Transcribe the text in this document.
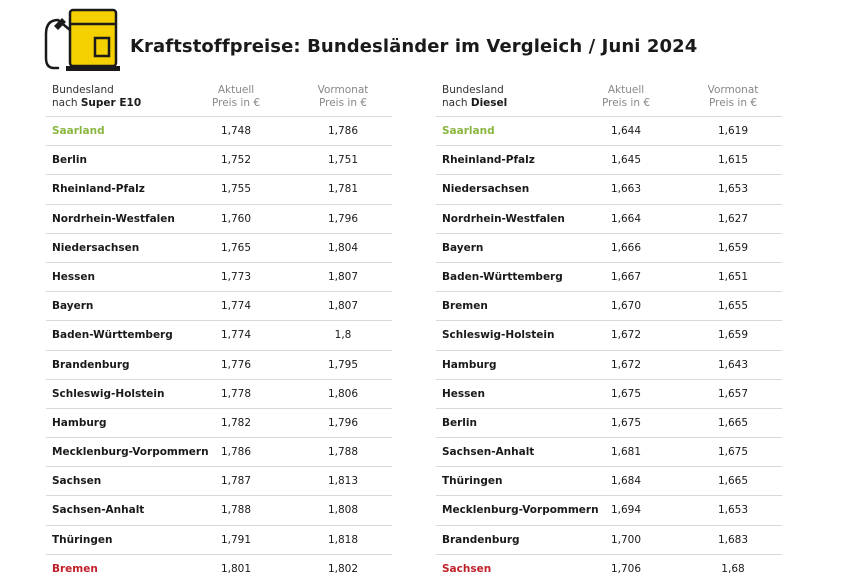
Kraftstoffpreise: Bundesländer im Vergleich / Juni 2024
Bundesland
nach Super E10
Aktuell
Preis in €
Vormonat
Preis in €
Saarland	1,748	1,786
Berlin	1,752	1,751
Rheinland-Pfalz	1,755	1,781
Nordrhein-Westfalen	1,760	1,796
Niedersachsen	1,765	1,804
Hessen	1,773	1,807
Bayern	1,774	1,807
Baden-Württemberg	1,774	1,8
Brandenburg	1,776	1,795
Schleswig-Holstein	1,778	1,806
Hamburg	1,782	1,796
Mecklenburg-Vorpommern	1,786	1,788
Sachsen	1,787	1,813
Sachsen-Anhalt	1,788	1,808
Thüringen	1,791	1,818
Bremen	1,801	1,802
Bundesland
nach Diesel
Aktuell
Preis in €
Vormonat
Preis in €
Saarland	1,644	1,619
Rheinland-Pfalz	1,645	1,615
Niedersachsen	1,663	1,653
Nordrhein-Westfalen	1,664	1,627
Bayern	1,666	1,659
Baden-Württemberg	1,667	1,651
Bremen	1,670	1,655
Schleswig-Holstein	1,672	1,659
Hamburg	1,672	1,643
Hessen	1,675	1,657
Berlin	1,675	1,665
Sachsen-Anhalt	1,681	1,675
Thüringen	1,684	1,665
Mecklenburg-Vorpommern	1,694	1,653
Brandenburg	1,700	1,683
Sachsen	1,706	1,68
